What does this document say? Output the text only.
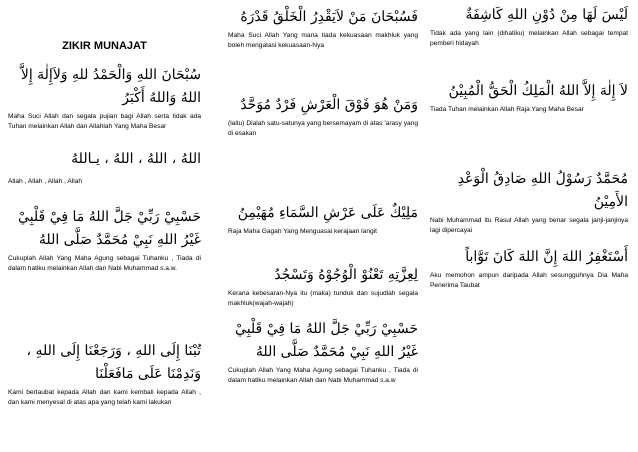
ZIKIR MUNAJAT

سُبْحَانَ اللهِ وَالْحَمْدُ للهِ وَلاَإِلٰهَ إِلاَّ اللهُ وَاللهُ أَكْبَرُ

Maha Suci Allah dan segala pujian bagi Allah serta tidak ada Tuhan melainkan Allah dan Allahlah Yang Maha Besar

اللهُ ، اللهُ ، اللهُ ، يـاللهُ

Allah , Allah , Allah , Allah

حَسْبِيْ رَبِّيْ جَلَّ اللهُ مَا فِيْ قَلْبِيْ غَيْرُ اللهِ نَبِيْ مُحَمَّدٌ صَلَّى اللهُ

Cukuplah Allah Yang Maha Agung sebagai Tuhanku , Tiada di dalam hatiku melainkan Allah dan Nabi Muhammad s.a.w.

تُبْنَا إِلَى اللهِ ، وَرَجَعْنَا إِلَى اللهِ ، وَنَدِمْنَا عَلَى مَافَعَلْنَا

Kami bertaubat kepada Allah dan kami kembali kepada Allah , dan kami menyesal di atas apa yang telah kami lakukan

فَسُبْحَانَ مَنْ لاَيَقْدِرُ الْخَلْقُ قَدْرَهُ

Maha Suci Allah Yang mana tiada kekuasaan makhluk yang boleh mengatasi kekuasaan-Nya

وَمَنْ هُوَ فَوْقَ الْعَرْشِ فَرْدٌ مُوَحَّدٌ

(laitu) Dialah satu-satunya yang bersemayam di atas 'arasy yang di esakan

مَلِيْكٌ عَلَى عَرْشِ السَّمَاءِ مُهَيْمِنُ

Raja Maha Gagah Yang Menguasai kerajaan langit

لِعِزَّتِهِ تَعْنُوْ الْوُجُوْهُ وَتَسْجُدُ

Kerana kebesaran-Nya itu (maka) tunduk dan sujudlah segala makhluk(wajah-wajah)

حَسْبِيْ رَبِّيْ جَلَّ اللهُ مَا فِيْ قَلْبِيْ غَيْرُ اللهِ نَبِيْ مُحَمَّدٌ صَلَّى اللهُ

Cukuplah Allah Yang Maha Agung sebagai Tuhanku , Tiada di dalam hatiku melainkan Allah dan Nabi Muhammad s.a.w

لَيْسَ لَهَا مِنْ دُوْنِ اللهِ كَاشِفَةٌ

Tidak ada yang lain (dihatiku) melainkan Allah sebagai tempat pemberi hidayah

لاَ إِلٰهَ إِلاَّ اللهُ الْمَلِكُ الْحَقُّ الْمُبِيْنُ

Tiada Tuhan melainkan Allah Raja Yang Maha Besar

مُحَمَّدٌ رَسُوْلُ اللهِ صَادِقُ الْوَعْدِ الأَمِيْنُ

Nabi Muhammad itu Rasul Allah yang benar segala janji-janjinya lagi dipercayai

أَسْتَغْفِرُ اللهَ إِنَّ اللهَ كَانَ تَوَّاباً

Aku memohon ampun daripada Allah sesungguhnya Dia Maha Penerima Taubat
